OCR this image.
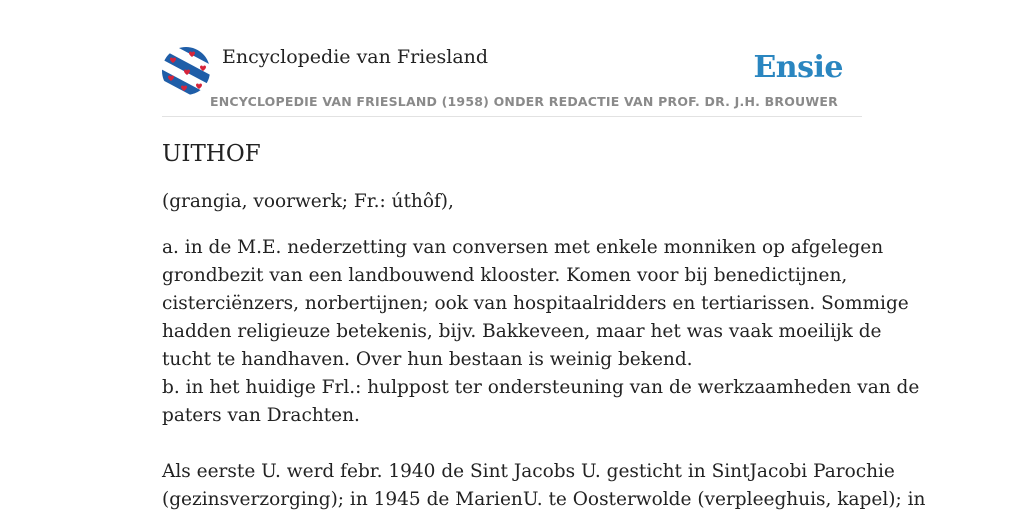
Encyclopedie van Friesland
ENCYCLOPEDIE VAN FRIESLAND (1958) ONDER REDACTIE VAN PROF. DR. J.H. BROUWER
Ensie
UITHOF

(grangia, voorwerk; Fr.: úthôf),

a. in de M.E. nederzetting van conversen met enkele monniken op afgelegen

grondbezit van een landbouwend klooster. Komen voor bij benedictijnen,

cisterciënzers, norbertijnen; ook van hospitaalridders en tertiarissen. Sommige

hadden religieuze betekenis, bijv. Bakkeveen, maar het was vaak moeilijk de

tucht te handhaven. Over hun bestaan is weinig bekend.

b. in het huidige Frl.: hulppost ter ondersteuning van de werkzaamheden van de

paters van Drachten.

Als eerste U. werd febr. 1940 de Sint Jacobs U. gesticht in SintJacobi Parochie

(gezinsverzorging); in 1945 de MarienU. te Oosterwolde (verpleeghuis, kapel); in
